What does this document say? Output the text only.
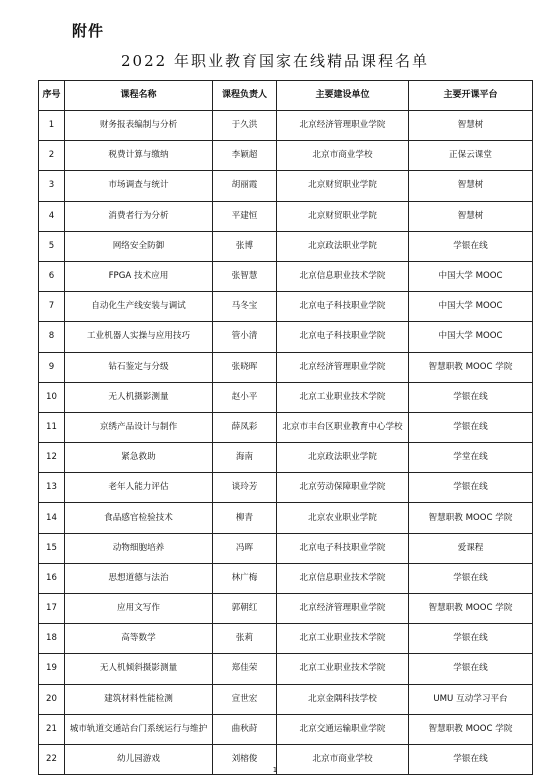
附件
2022 年职业教育国家在线精品课程名单
序号	课程名称	课程负责人	主要建设单位	主要开课平台
1	财务报表编制与分析	于久洪	北京经济管理职业学院	智慧树
2	税费计算与缴纳	李颖超	北京市商业学校	正保云课堂
3	市场调查与统计	胡丽霞	北京财贸职业学院	智慧树
4	消费者行为分析	平建恒	北京财贸职业学院	智慧树
5	网络安全防御	张博	北京政法职业学院	学银在线
6	FPGA 技术应用	张智慧	北京信息职业技术学院	中国大学 MOOC
7	自动化生产线安装与调试	马冬宝	北京电子科技职业学院	中国大学 MOOC
8	工业机器人实操与应用技巧	管小清	北京电子科技职业学院	中国大学 MOOC
9	钻石鉴定与分级	张晓晖	北京经济管理职业学院	智慧职教 MOOC 学院
10	无人机摄影测量	赵小平	北京工业职业技术学院	学银在线
11	京绣产品设计与制作	薛凤彩	北京市丰台区职业教育中心学校	学银在线
12	紧急救助	海南	北京政法职业学院	学堂在线
13	老年人能力评估	谈玲芳	北京劳动保障职业学院	学银在线
14	食品感官检验技术	柳青	北京农业职业学院	智慧职教 MOOC 学院
15	动物细胞培养	冯晖	北京电子科技职业学院	爱课程
16	思想道德与法治	林广梅	北京信息职业技术学院	学银在线
17	应用文写作	郭朝红	北京经济管理职业学院	智慧职教 MOOC 学院
18	高等数学	张莉	北京工业职业技术学院	学银在线
19	无人机倾斜摄影测量	郑佳荣	北京工业职业技术学院	学银在线
20	建筑材料性能检测	宣世宏	北京金隅科技学校	UMU 互动学习平台
21	城市轨道交通站台门系统运行与维护	曲秋莳	北京交通运输职业学院	智慧职教 MOOC 学院
22	幼儿园游戏	刘榕俊	北京市商业学校	学银在线
1
